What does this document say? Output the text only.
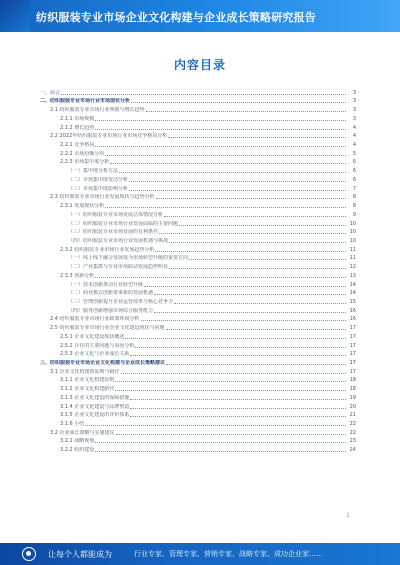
纺织服装专业市场企业文化构建与企业成长策略研究报告
内容目录
一、前言	3
二、纺织服装专业市场行业市场现状分析	3
2.1 纺织服装专业市场行业规模与增长趋势	3
2.1.1 市场规模	3
2.1.2 增长趋势	4
2.2 2022年纺织服装专业市场行业市场竞争格局分析	4
2.2.1 竞争格局	4
2.2.2 市场份额分布	5
2.2.3 市场集中度分析	6
（一）集中度分析方法	6
（二）市场集中度变动分析	6
（三）市场集中度影响分析	7
2.3 纺织服装专业市场行业发展现状与趋势分析	8
2.3.1 发展现状分析	8
（一）纺织服装专业市场发展总体情况分析	9
（二）纺织服装专业市场行业发展面临的主要问题	10
（三）纺织服装专业市场发展的有利条件	10
（四）纺织服装专业市场行业发展机遇与挑战	10
2.3.2 纺织服装专业市场行业发展趋势分析	11
（一）线上线下融合发展成为市场转型升级的重要方向	11
（二）产业集群与专业市场联动发展趋势明显	12
2.3.3 创新分析	13
（一）技术创新推动行业转型升级	14
（二）商业模式创新带来新的发展机遇	14
（三）管理创新提升企业运营效率与核心竞争力	15
（四）服务创新增强市场综合服务能力	16
2.4 纺织服装专业市场行业政策环境分析	16
2.5 纺织服装专业市场行业企业文化建设现状与问题	17
2.5.1 企业文化建设现状概述	17
2.5.2 存在的主要问题与原因分析	17
2.5.3 企业文化与企业成长关系	17
三、纺织服装专业市场企业文化构建与企业成长策略建议	17
3.1 企业文化构建的原则与路径	17
3.1.1 企业文化构建原则	18
3.1.2 企业文化构建路径	18
3.1.3 企业文化建设的保障措施	19
3.1.4 企业文化建设与品牌塑造	20
3.1.5 企业文化建设的评价体系	21
3.1.6 小结	22
3.2 企业成长策略与实施建议	22
3.2.1 战略规划	23
3.2.2 组织建设	24
1
让每个人都能成为	行业专家、管理专家、营销专家、战略专家、成功企业家……
